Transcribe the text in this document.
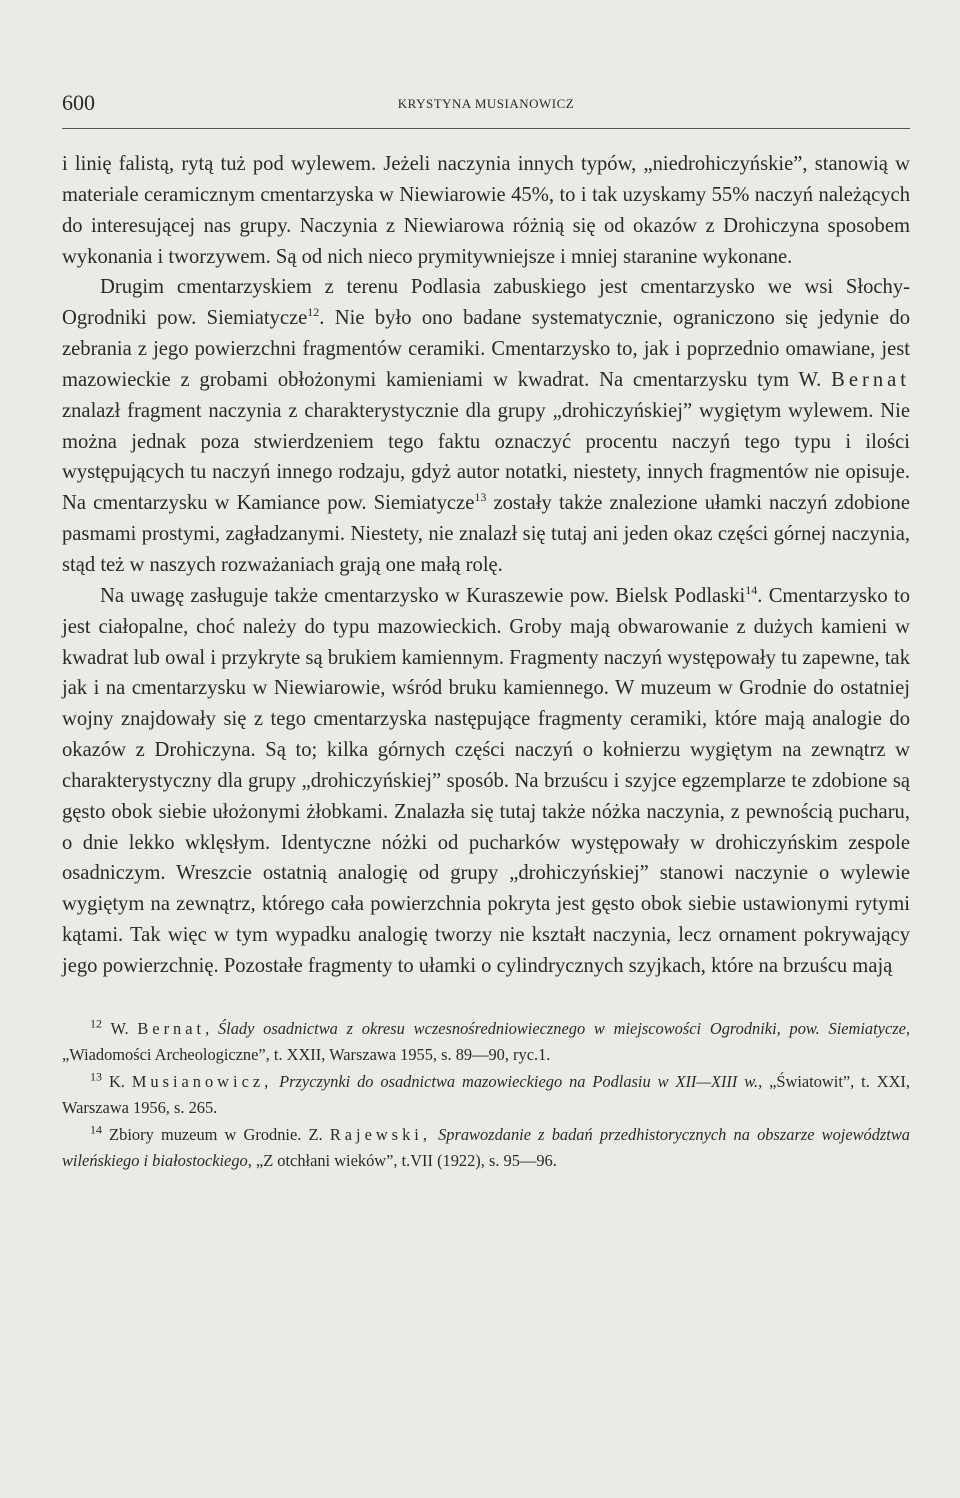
600	KRYSTYNA MUSIANOWICZ

i linię falistą, rytą tuż pod wylewem. Jeżeli naczynia innych typów, „niedrohiczyńskie”, stanowią w materiale ceramicznym cmentarzyska w Niewiarowie 45%, to i tak uzyskamy 55% naczyń należących do interesującej nas grupy. Naczynia z Niewiarowa różnią się od okazów z Drohiczyna sposobem wykonania i tworzywem. Są od nich nieco prymitywniejsze i mniej staranine wykonane.

Drugim cmentarzyskiem z terenu Podlasia zabuskiego jest cmentarzysko we wsi Słochy-Ogrodniki pow. Siemiatycze$^{12}$. Nie było ono badane systematycznie, ograniczono się jedynie do zebrania z jego powierzchni fragmentów ceramiki. Cmentarzysko to, jak i poprzednio omawiane, jest mazowieckie z grobami obłożonymi kamieniami w kwadrat. Na cmentarzysku tym W. Bernat znalazł fragment naczynia z charakterystycznie dla grupy „drohiczyńskiej” wygiętym wylewem. Nie można jednak poza stwierdzeniem tego faktu oznaczyć procentu naczyń tego typu i ilości występujących tu naczyń innego rodzaju, gdyż autor notatki, niestety, innych fragmentów nie opisuje. Na cmentarzysku w Kamiance pow. Siemiatycze$^{13}$ zostały także znalezione ułamki naczyń zdobione pasmami prostymi, zagładzanymi. Niestety, nie znalazł się tutaj ani jeden okaz części górnej naczynia, stąd też w naszych rozważaniach grają one małą rolę.

Na uwagę zasługuje także cmentarzysko w Kuraszewie pow. Bielsk Podlaski$^{14}$. Cmentarzysko to jest ciałopalne, choć należy do typu mazowieckich. Groby mają obwarowanie z dużych kamieni w kwadrat lub owal i przykryte są brukiem kamiennym. Fragmenty naczyń występowały tu zapewne, tak jak i na cmentarzysku w Niewiarowie, wśród bruku kamiennego. W muzeum w Grodnie do ostatniej wojny znajdowały się z tego cmentarzyska następujące fragmenty ceramiki, które mają analogie do okazów z Drohiczyna. Są to; kilka górnych części naczyń o kołnierzu wygiętym na zewnątrz w charakterystyczny dla grupy „drohiczyńskiej” sposób. Na brzuścu i szyjce egzemplarze te zdobione są gęsto obok siebie ułożonymi żłobkami. Znalazła się tutaj także nóżka naczynia, z pewnością pucharu, o dnie lekko wklęsłym. Identyczne nóżki od pucharków występowały w drohiczyńskim zespole osadniczym. Wreszcie ostatnią analogię od grupy „drohiczyńskiej” stanowi naczynie o wylewie wygiętym na zewnątrz, którego cała powierzchnia pokryta jest gęsto obok siebie ustawionymi rytymi kątami. Tak więc w tym wypadku analogię tworzy nie kształt naczynia, lecz ornament pokrywający jego powierzchnię. Pozostałe fragmenty to ułamki o cylindrycznych szyjkach, które na brzuścu mają

$^{12}$ W. Bernat, Ślady osadnictwa z okresu wczesnośredniowiecznego w miejscowości Ogrodniki, pow. Siemiatycze, „Wiadomości Archeologiczne”, t. XXII, Warszawa 1955, s. 89—90, ryc.1.

$^{13}$ K. Musianowicz, Przyczynki do osadnictwa mazowieckiego na Podlasiu w XII—XIII w., „Światowit”, t. XXI, Warszawa 1956, s. 265.

$^{14}$ Zbiory muzeum w Grodnie. Z. Rajewski, Sprawozdanie z badań przedhistorycznych na obszarze województwa wileńskiego i białostockiego, „Z otchłani wieków”, t.VII (1922), s. 95—96.
